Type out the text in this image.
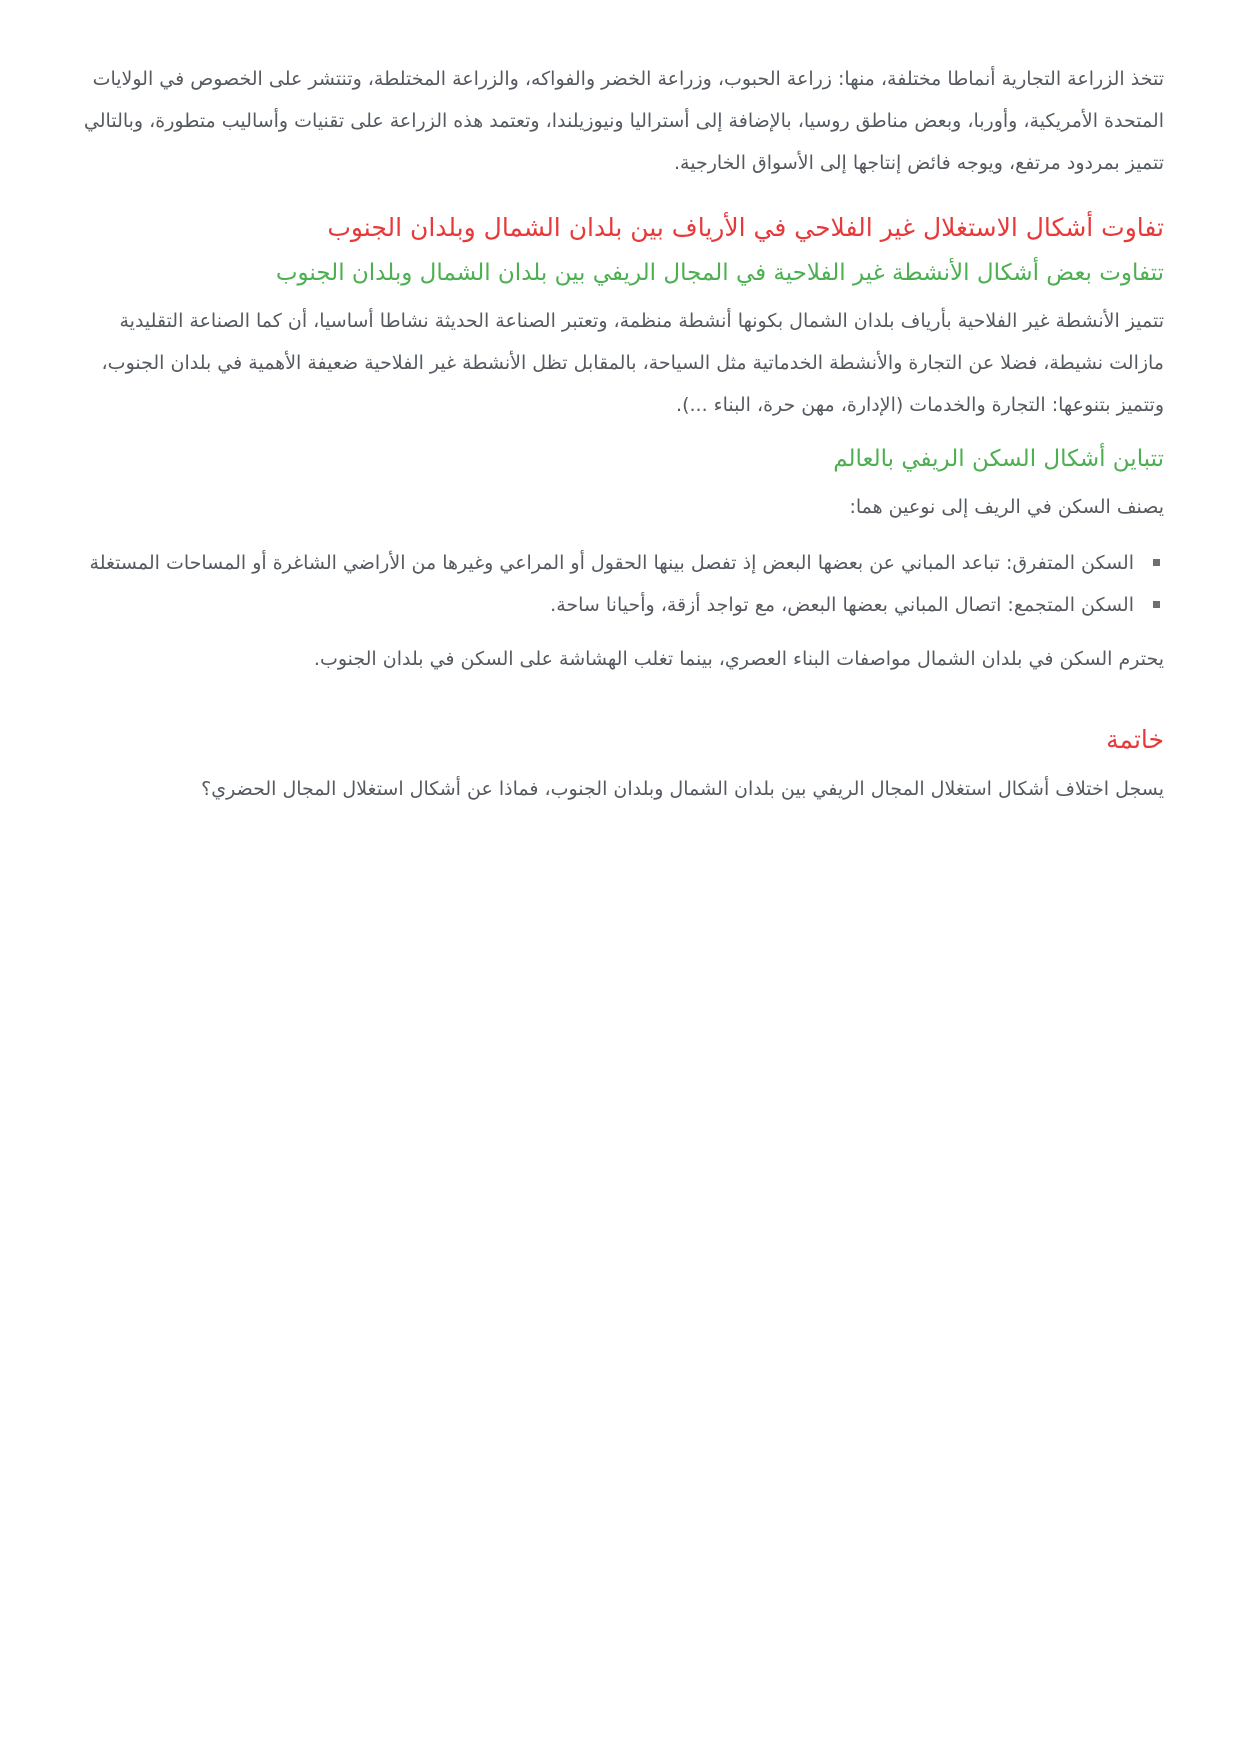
تتخذ الزراعة التجارية أنماطا مختلفة، منها: زراعة الحبوب، وزراعة الخضر والفواكه، والزراعة المختلطة، وتنتشر على الخصوص في الولايات المتحدة الأمريكية، وأوربا، وبعض مناطق روسيا، بالإضافة إلى أستراليا ونيوزيلندا، وتعتمد هذه الزراعة على تقنيات وأساليب متطورة، وبالتالي تتميز بمردود مرتفع، ويوجه فائض إنتاجها إلى الأسواق الخارجية.

تفاوت أشكال الاستغلال غير الفلاحي في الأرياف بين بلدان الشمال وبلدان الجنوب
تتفاوت بعض أشكال الأنشطة غير الفلاحية في المجال الريفي بين بلدان الشمال وبلدان الجنوب

تتميز الأنشطة غير الفلاحية بأرياف بلدان الشمال بكونها أنشطة منظمة، وتعتبر الصناعة الحديثة نشاطا أساسيا، أن كما الصناعة التقليدية مازالت نشيطة، فضلا عن التجارة والأنشطة الخدماتية مثل السياحة، بالمقابل تظل الأنشطة غير الفلاحية ضعيفة الأهمية في بلدان الجنوب، وتتميز بتنوعها: التجارة والخدمات (الإدارة، مهن حرة، البناء ...).

تتباين أشكال السكن الريفي بالعالم

يصنف السكن في الريف إلى نوعين هما:

السكن المتفرق: تباعد المباني عن بعضها البعض إذ تفصل بينها الحقول أو المراعي وغيرها من الأراضي الشاغرة أو المساحات المستغلة
السكن المتجمع: اتصال المباني بعضها البعض، مع تواجد أزقة، وأحيانا ساحة.

يحترم السكن في بلدان الشمال مواصفات البناء العصري، بينما تغلب الهشاشة على السكن في بلدان الجنوب.

خاتمة

يسجل اختلاف أشكال استغلال المجال الريفي بين بلدان الشمال وبلدان الجنوب، فماذا عن أشكال استغلال المجال الحضري؟
